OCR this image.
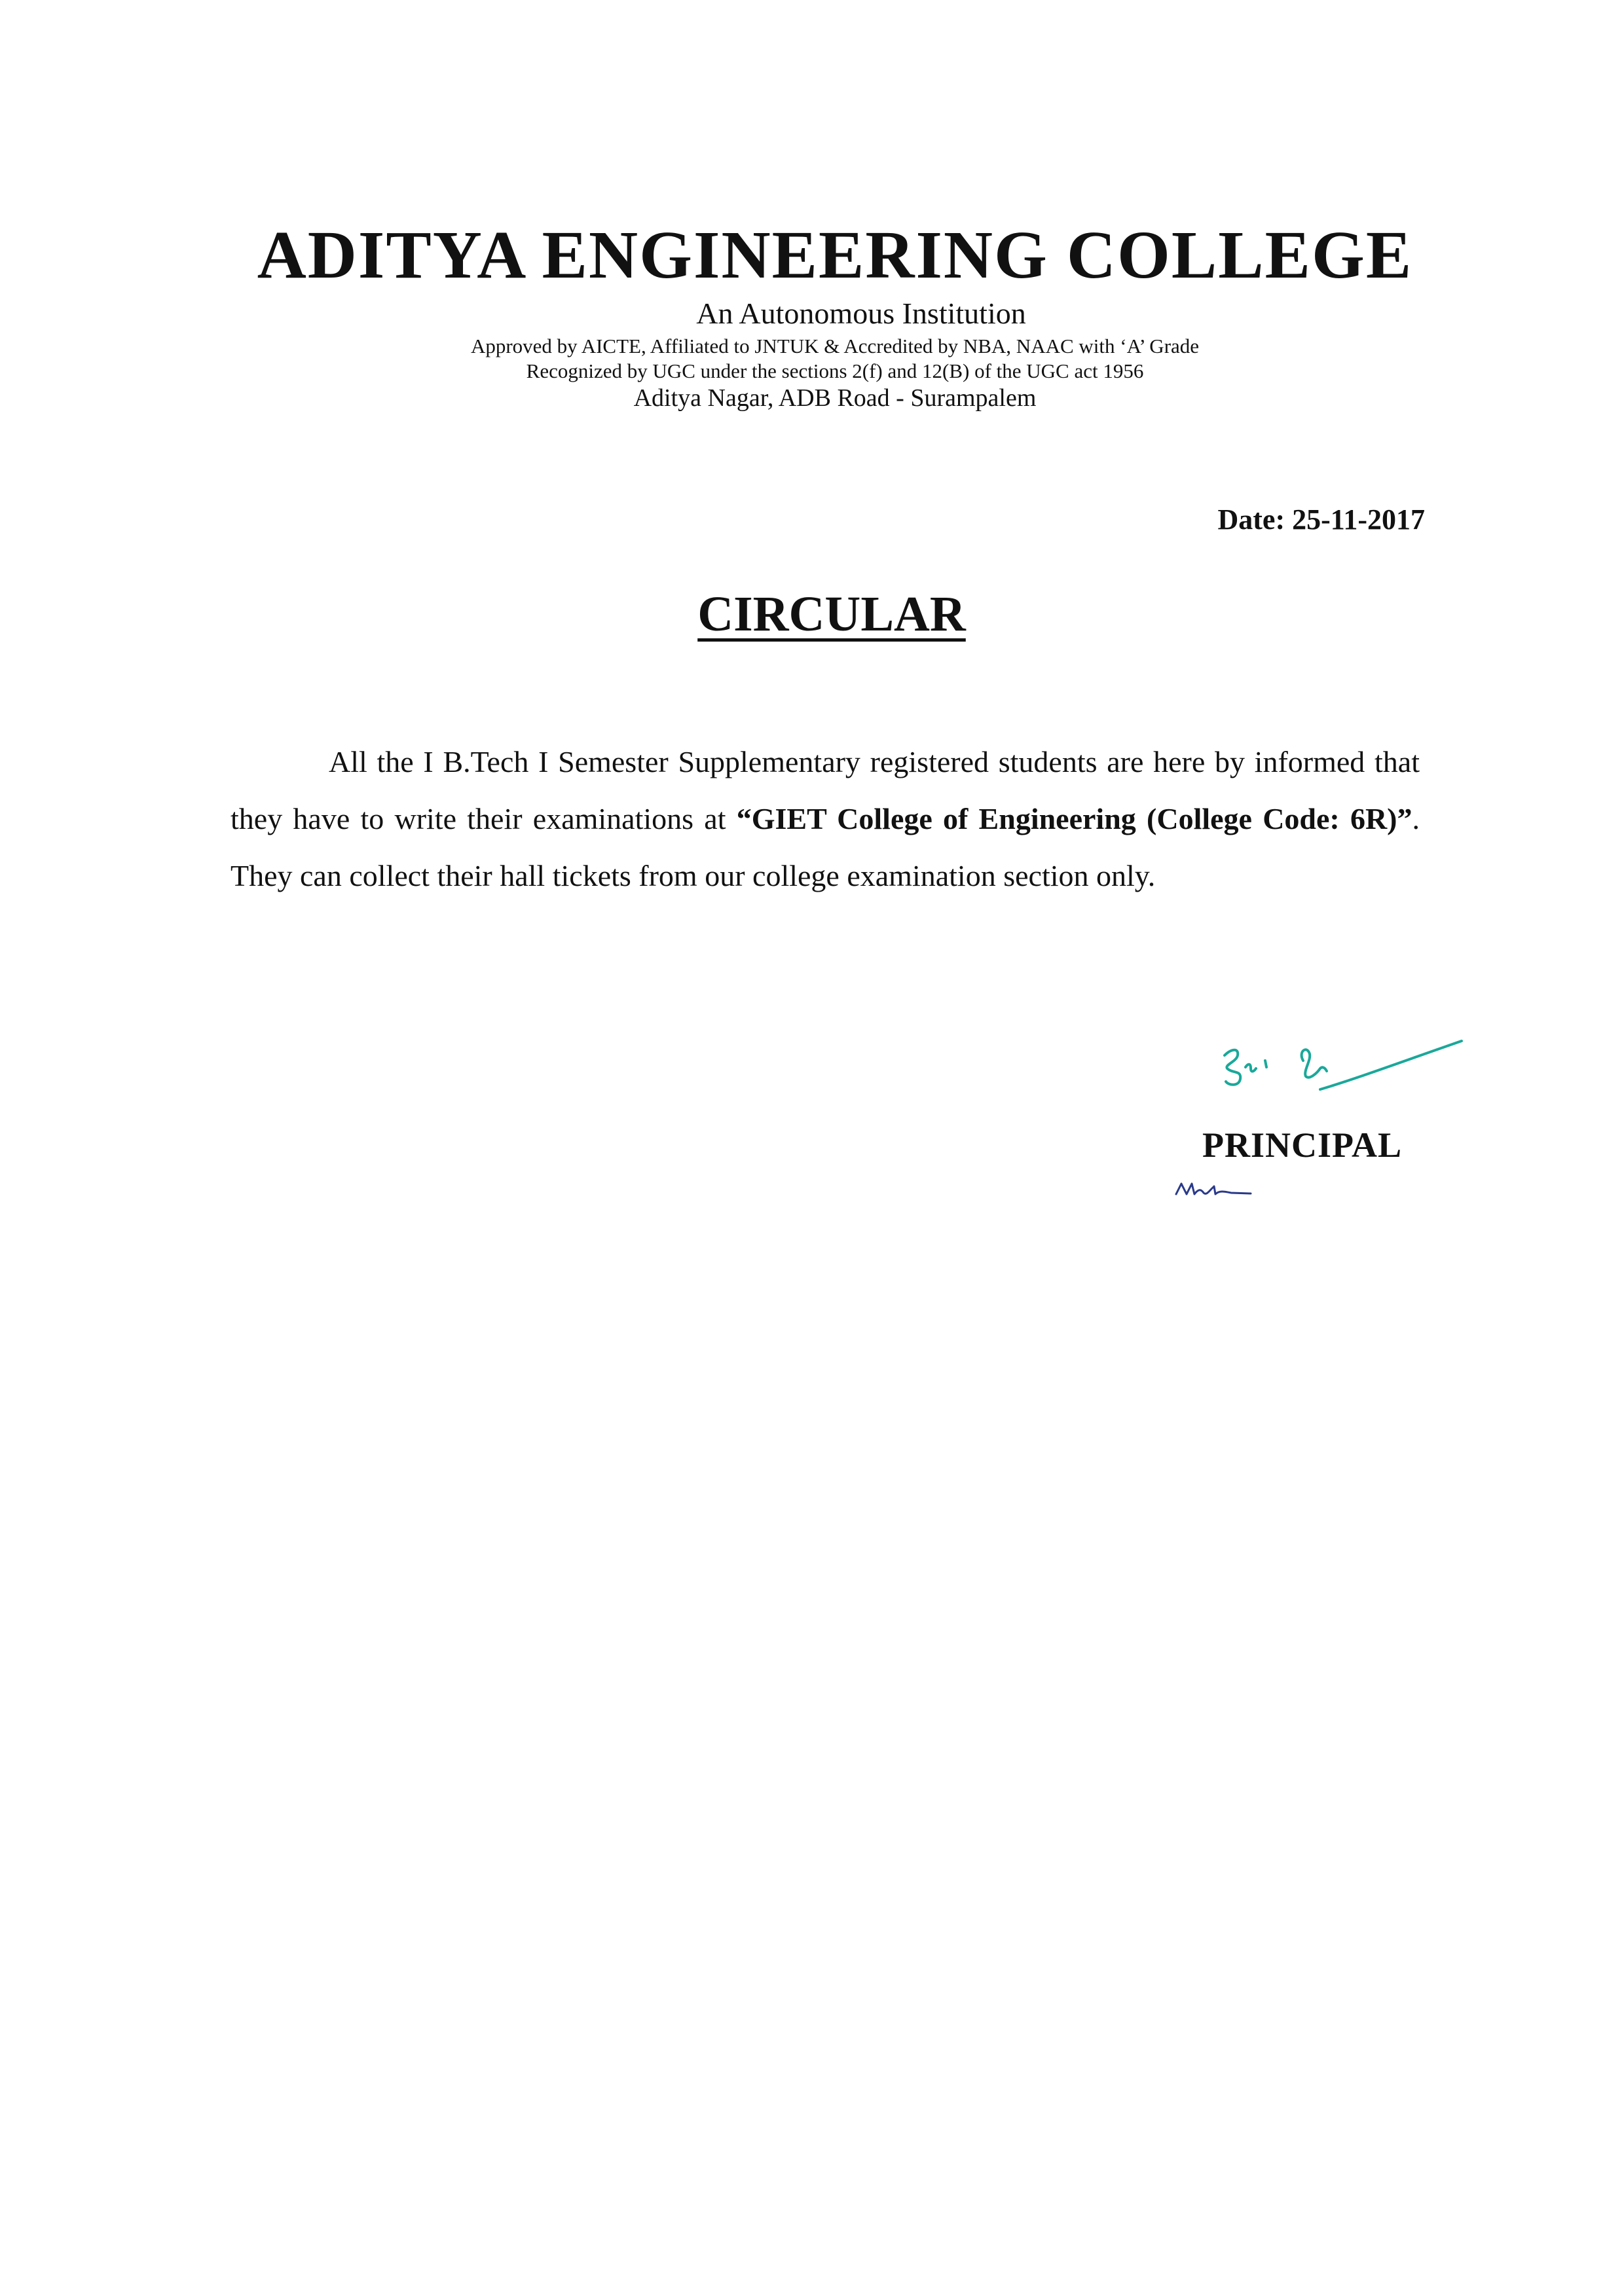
ADITYA ENGINEERING COLLEGE

An Autonomous Institution

Approved by AICTE, Affiliated to JNTUK & Accredited by NBA, NAAC with ‘A’ Grade
Recognized by UGC under the sections 2(f) and 12(B) of the UGC act 1956

Aditya Nagar, ADB Road - Surampalem

Date: 25-11-2017

CIRCULAR

All the I B.Tech I Semester Supplementary registered students are here by informed that they have to write their examinations at “GIET College of Engineering (College Code: 6R)”. They can collect their hall tickets from our college examination section only.

PRINCIPAL
